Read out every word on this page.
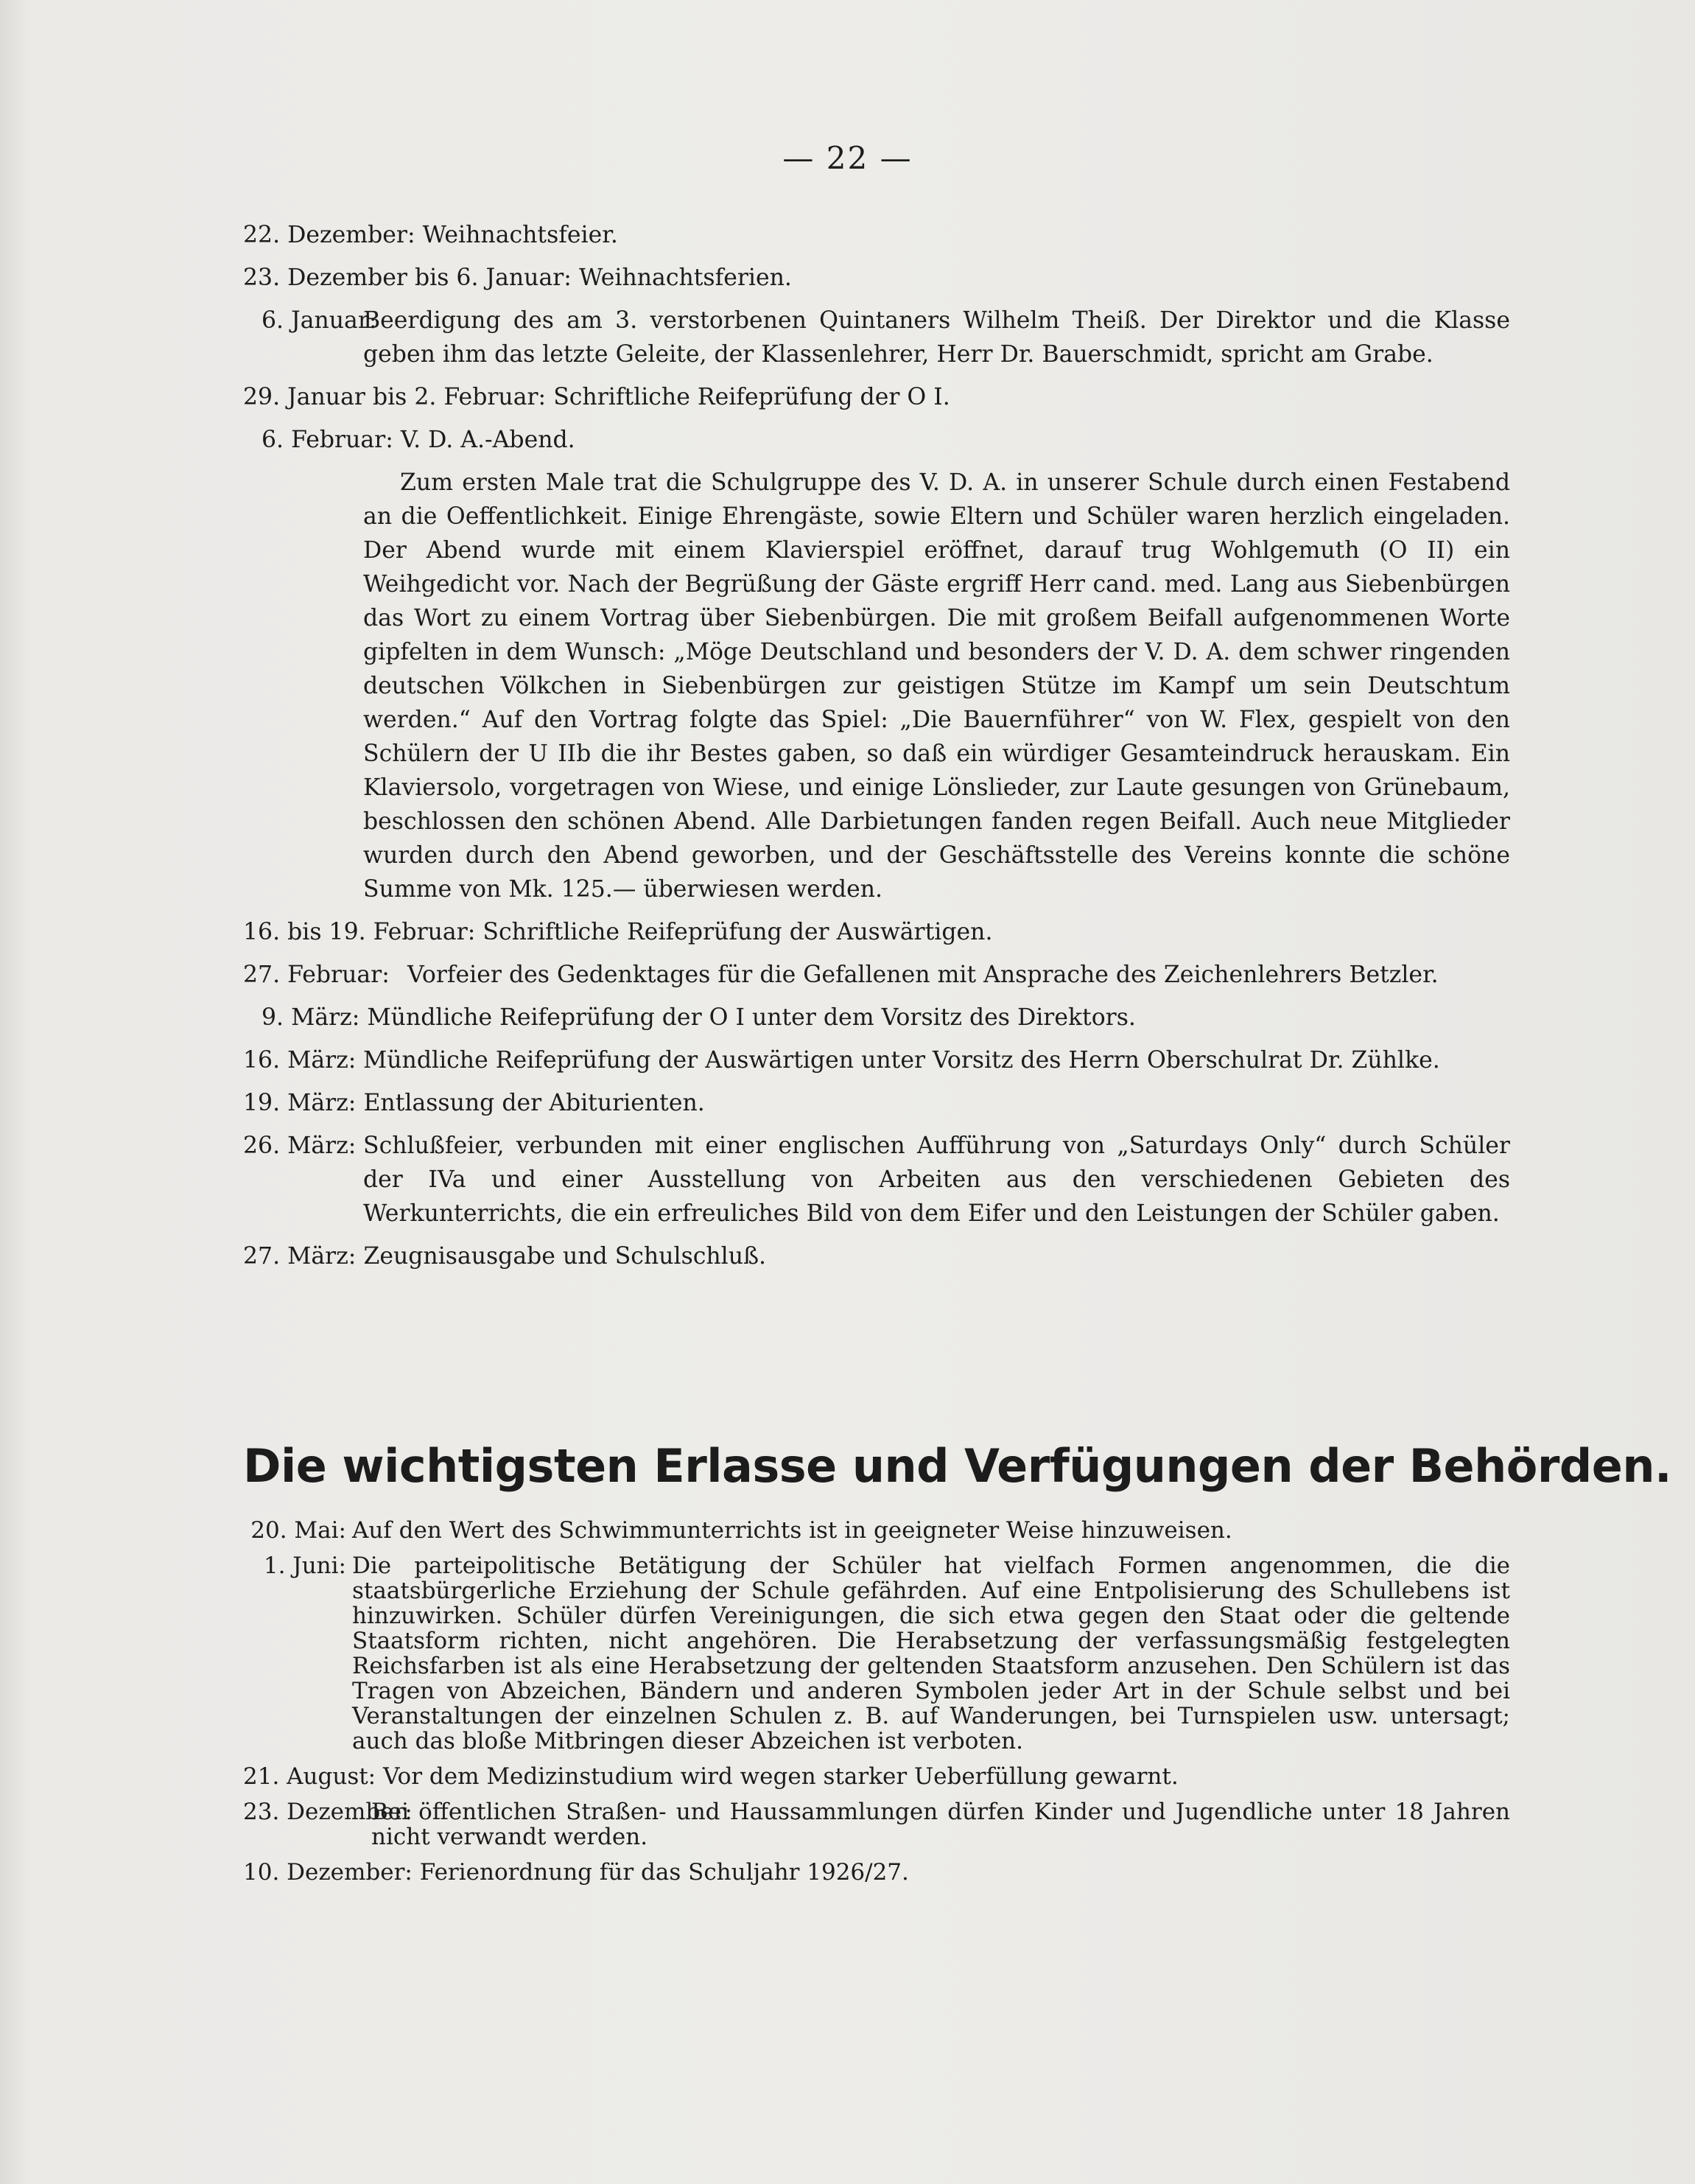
— 22 —
22. Dezember: Weihnachtsfeier.
23. Dezember bis 6. Januar: Weihnachtsferien.
6. Januar:
Beerdigung des am 3. verstorbenen Quintaners Wilhelm Theiß. Der Direktor und die Klasse geben ihm das letzte Geleite, der Klassenlehrer, Herr Dr. Bauerschmidt, spricht am Grabe.
29. Januar bis 2. Februar: Schriftliche Reifeprüfung der O I.
6. Februar: V. D. A.-Abend.
Zum ersten Male trat die Schulgruppe des V. D. A. in unserer Schule durch einen Festabend an die Oeffentlichkeit. Einige Ehrengäste, sowie Eltern und Schüler waren herzlich eingeladen. Der Abend wurde mit einem Klavierspiel eröffnet, darauf trug Wohlgemuth (O II) ein Weihgedicht vor. Nach der Begrüßung der Gäste ergriff Herr cand. med. Lang aus Siebenbürgen das Wort zu einem Vortrag über Siebenbürgen. Die mit großem Beifall aufgenommenen Worte gipfelten in dem Wunsch: „Möge Deutschland und besonders der V. D. A. dem schwer ringenden deutschen Völkchen in Siebenbürgen zur geistigen Stütze im Kampf um sein Deutschtum werden.“ Auf den Vortrag folgte das Spiel: „Die Bauernführer“ von W. Flex, gespielt von den Schülern der U IIb die ihr Bestes gaben, so daß ein würdiger Gesamteindruck herauskam. Ein Klaviersolo, vorgetragen von Wiese, und einige Lönslieder, zur Laute gesungen von Grünebaum, beschlossen den schönen Abend. Alle Darbietungen fanden regen Beifall. Auch neue Mitglieder wurden durch den Abend geworben, und der Geschäftsstelle des Vereins konnte die schöne Summe von Mk. 125.— überwiesen werden.
16. bis 19. Februar: Schriftliche Reifeprüfung der Auswärtigen.
27. Februar: Vorfeier des Gedenktages für die Gefallenen mit Ansprache des Zeichenlehrers Betzler.
9. März: Mündliche Reifeprüfung der O I unter dem Vorsitz des Direktors.
16. März: Mündliche Reifeprüfung der Auswärtigen unter Vorsitz des Herrn Oberschulrat Dr. Zühlke.
19. März: Entlassung der Abiturienten.
26. März: Schlußfeier, verbunden mit einer englischen Aufführung von „Saturdays Only“ durch Schüler der IVa und einer Ausstellung von Arbeiten aus den verschiedenen Gebieten des Werkunterrichts, die ein erfreuliches Bild von dem Eifer und den Leistungen der Schüler gaben.
27. März: Zeugnisausgabe und Schulschluß.
Die wichtigsten Erlasse und Verfügungen der Behörden.
20. Mai: Auf den Wert des Schwimmunterrichts ist in geeigneter Weise hinzuweisen.
1. Juni: Die parteipolitische Betätigung der Schüler hat vielfach Formen angenommen, die die staatsbürgerliche Erziehung der Schule gefährden. Auf eine Entpolisierung des Schullebens ist hinzuwirken. Schüler dürfen Vereinigungen, die sich etwa gegen den Staat oder die geltende Staatsform richten, nicht angehören. Die Herabsetzung der verfassungsmäßig festgelegten Reichsfarben ist als eine Herabsetzung der geltenden Staatsform anzusehen. Den Schülern ist das Tragen von Abzeichen, Bändern und anderen Symbolen jeder Art in der Schule selbst und bei Veranstaltungen der einzelnen Schulen z. B. auf Wanderungen, bei Turnspielen usw. untersagt; auch das bloße Mitbringen dieser Abzeichen ist verboten.
21. August: Vor dem Medizinstudium wird wegen starker Ueberfüllung gewarnt.
23. Dezember:
Bei öffentlichen Straßen- und Haussammlungen dürfen Kinder und Jugendliche unter 18 Jahren nicht verwandt werden.
10. Dezember: Ferienordnung für das Schuljahr 1926/27.
